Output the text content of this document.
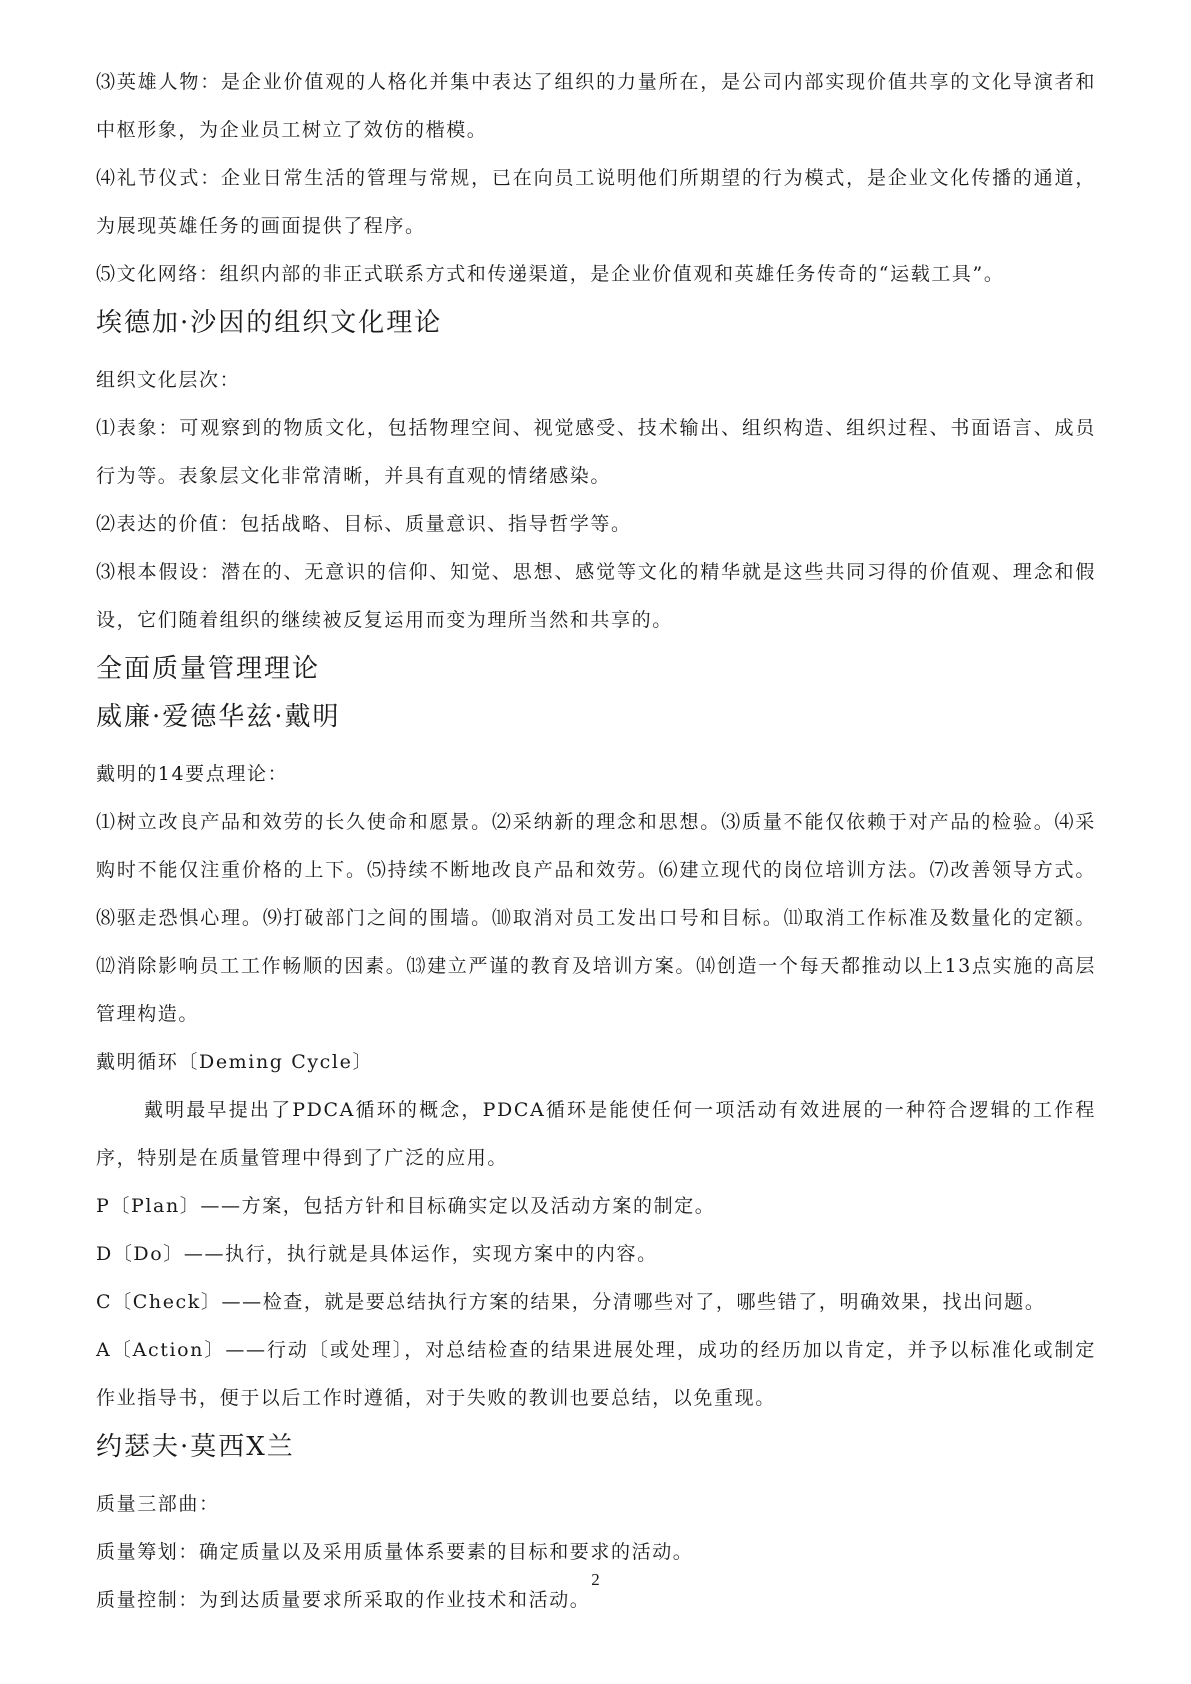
⑶英雄人物：是企业价值观的人格化并集中表达了组织的力量所在，是公司内部实现价值共享的文化导演者和中枢形象，为企业员工树立了效仿的楷模。

⑷礼节仪式：企业日常生活的管理与常规，已在向员工说明他们所期望的行为模式，是企业文化传播的通道，为展现英雄任务的画面提供了程序。

⑸文化网络：组织内部的非正式联系方式和传递渠道，是企业价值观和英雄任务传奇的“运载工具”。

埃德加·沙因的组织文化理论

组织文化层次：

⑴表象：可观察到的物质文化，包括物理空间、视觉感受、技术输出、组织构造、组织过程、书面语言、成员行为等。表象层文化非常清晰，并具有直观的情绪感染。

⑵表达的价值：包括战略、目标、质量意识、指导哲学等。

⑶根本假设：潜在的、无意识的信仰、知觉、思想、感觉等文化的精华就是这些共同习得的价值观、理念和假设，它们随着组织的继续被反复运用而变为理所当然和共享的。

全面质量管理理论
威廉·爱德华兹·戴明

戴明的14要点理论：

⑴树立改良产品和效劳的长久使命和愿景。⑵采纳新的理念和思想。⑶质量不能仅依赖于对产品的检验。⑷采购时不能仅注重价格的上下。⑸持续不断地改良产品和效劳。⑹建立现代的岗位培训方法。⑺改善领导方式。⑻驱走恐惧心理。⑼打破部门之间的围墙。⑽取消对员工发出口号和目标。⑾取消工作标准及数量化的定额。⑿消除影响员工工作畅顺的因素。⒀建立严谨的教育及培训方案。⒁创造一个每天都推动以上13点实施的高层管理构造。

戴明循环〔Deming Cycle〕

戴明最早提出了PDCA循环的概念，PDCA循环是能使任何一项活动有效进展的一种符合逻辑的工作程序，特别是在质量管理中得到了广泛的应用。

P〔Plan〕——方案，包括方针和目标确实定以及活动方案的制定。

D〔Do〕——执行，执行就是具体运作，实现方案中的内容。

C〔Check〕——检查，就是要总结执行方案的结果，分清哪些对了，哪些错了，明确效果，找出问题。

A〔Action〕——行动〔或处理〕，对总结检查的结果进展处理，成功的经历加以肯定，并予以标准化或制定作业指导书，便于以后工作时遵循，对于失败的教训也要总结，以免重现。

约瑟夫·莫西X兰

质量三部曲：

质量筹划：确定质量以及采用质量体系要素的目标和要求的活动。

质量控制：为到达质量要求所采取的作业技术和活动。

2
